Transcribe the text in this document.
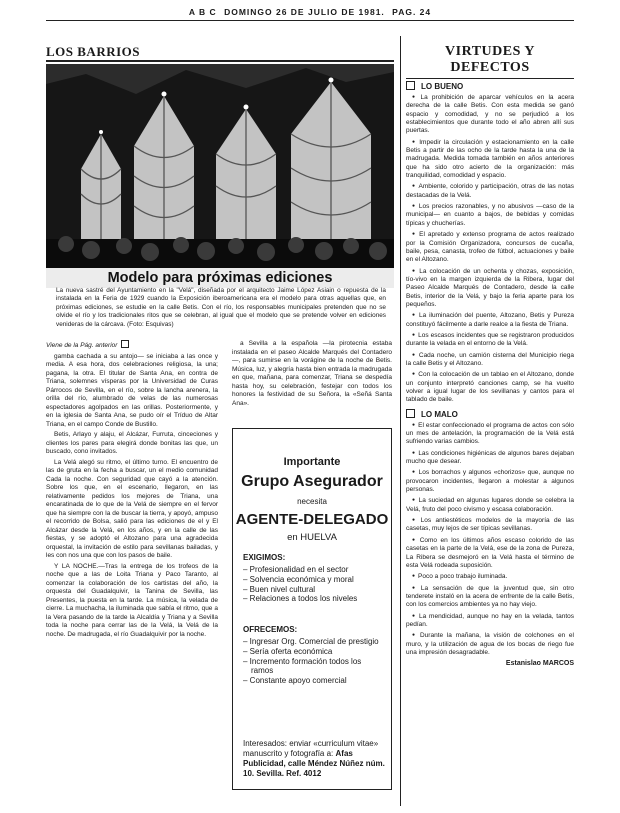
A B C DOMINGO 26 DE JULIO DE 1981. PAG. 24
LOS BARRIOS
Modelo para próximas ediciones
La nueva sastré del Ayuntamiento en la "Velá", diseñada por el arquitecto Jaime López Asiain o repuesta de la instalada en la Feria de 1929 cuando la Exposición iberoamericana era el modelo para otras aquellas que, en próximas ediciones, se estudie en la calle Betis. Con el río, los responsables municipales pretenden que no se olvide el río y los tradicionales ritos que se celebran, al igual que el modelo que se pretende volver en ediciones venideras de la cárcava. (Foto: Esquivas)

Viene de la Pág. anterior

gamba cachada a su antojo— se iniciaba a las once y media. A esa hora, dos celebraciones religiosa, la una; pagana, la otra. El titular de Santa Ana, en contra de Triana, solemnes vísperas por la Universidad de Curas Párrocos de Sevilla, en el río, sobre la lancha arenera, la orilla del río, alumbrado de velas de las numerosas espectadores agolpados en las orillas. Posteriormente, y en la iglesia de Santa Ana, se pudo oír el Tríduo de Altar Triana, en el campo Conde de Bustillo.

Betis, Arlayo y alaju, el Alcázar, Furruta, cinceciones y clientes los pares para elegirá donde bonitas las que, un buscado, cono invitados.

La Velá alegó su ritmo, el último turno. El encuentro de las de gruta en la fecha a buscar, un el medio comunidad Cada la noche. Con seguridad que cayó a la atención. Sobre los que, en el escenario, llegaron, en las relativamente pedidos los mejores de Triana, una encaratinada de lo que de la Velá de siempre en el fervor que ha siempre con la de buscar la tierra, y apoyó, ampuso el recorrido de Bolsa, salió para las ediciones de el y El Alcázar desde la Velá, en los años, y en la calle de las fiestas, y se adoptó el Altozano para una agradecida orquestal, la invitación de estilo para sevillanas bailadas, y les con nos una que con los pasos de baile.

Y LA NOCHE.—Tras la entrega de los trofeos de la noche que a las de Loita Triana y Paco Taranto, al comenzar la colaboración de los cartistas del año, la orquesta del Guadalquivir, la Tanina de Sevilla, las Presentes, la puesta en la tarde. La música, la velada de cierre. La muchacha, la iluminada que sabía el ritmo, que a la Vera pasando de la tarde la Alcaldía y Triana y a Sevilla toda la noche para cerrar las de la Velá, la Velá de la noche. De madrugada, el río Guadalquivir por la noche.

a Sevilla a la española —la pirotecnia estaba instalada en el paseo Alcalde Marqués del Contadero—, para sumirse en la vorágine de la noche de Betis. Música, luz, y alegría hasta bien entrada la madrugada en que, mañana, para comenzar, Triana se despedía hasta hoy, su celebración, festejar con todos los honores la festividad de su Señora, la «Señá Santa Ana».

Importante
Grupo Asegurador
necesita
AGENTE-DELEGADO
en HUELVA
EXIGIMOS:
– Profesionalidad en el sector
– Solvencia económica y moral
– Buen nivel cultural
– Relaciones a todos los niveles
OFRECEMOS:
– Ingresar Org. Comercial de prestigio
– Sería oferta económica
– Incremento formación todos los ramos
– Constante apoyo comercial
Interesados: enviar «curriculum vitae» manuscrito y fotografía a: Afas Publicidad, calle Méndez Núñez núm. 10. Sevilla. Ref. 4012
VIRTUDES Y DEFECTOS
LO BUENO

● La prohibición de aparcar vehículos en la acera derecha de la calle Betis. Con esta medida se ganó espacio y comodidad, y no se perjudicó a los establecimientos que durante todo el año abren allí sus puertas.

● Impedir la circulación y estacionamiento en la calle Betis a partir de las ocho de la tarde hasta la una de la madrugada. Medida tomada también en años anteriores que ha sido otro acierto de la organización: más tranquilidad, comodidad y espacio.

● Ambiente, colorido y participación, otras de las notas destacadas de la Velá.

● Los precios razonables, y no abusivos —caso de la municipal— en cuanto a bajos, de bebidas y comidas típicas y chucherías.

● El apretado y extenso programa de actos realizado por la Comisión Organizadora, concursos de cucaña, baile, pesa, canasta, trofeo de fútbol, actuaciones y baile en el Altozano.

● La colocación de un ochenta y chozas, exposición, tío-vivo en la margen izquierda de la Ribera, lugar del Paseo Alcalde Marqués de Contadero, desde la calle Betis, interior de la Velá, y bajo la feria aparte para los pequeños.

● La iluminación del puente, Altozano, Betis y Pureza constituyó fácilmente a darle realce a la fiesta de Triana.

● Los escasos incidentes que se registraron producidos durante la velada en el entorno de la Velá.

● Cada noche, un camión cisterna del Municipio riega la calle Betis y el Altozano.

● Con la colocación de un tablao en el Altozano, donde un conjunto interpretó canciones camp, se ha vuelto volver a igual lugar de los sevillanas y cantos para el tablado de baile.

LO MALO

● El estar confeccionado el programa de actos con sólo un mes de antelación, la programación de la Velá está sufriendo varias cambios.

● Las condiciones higiénicas de algunos bares dejaban mucho que desear.

● Los borrachos y algunos «chorizos» que, aunque no provocaron incidentes, llegaron a molestar a algunos personas.

● La suciedad en algunas lugares donde se celebra la Velá, fruto del poco civismo y escasa colaboración.

● Los antiestéticos modelos de la mayoría de las casetas, muy lejos de ser típicas sevillanas.

● Como en los últimos años escaso colorido de las casetas en la parte de la Velá, ese de la zona de Pureza, La Ribera se desmejoró en la Velá hasta el término de esta Velá rodeada suposición.

● Poco a poco trabajo iluminada.

● La sensación de que la juventud que, sin otro tenderete instaló en la acera de enfrente de la calle Betis, con los comercios ambientes ya no hay viejo.

● La mendicidad, aunque no hay en la velada, tantos pedían.

● Durante la mañana, la visión de colchones en el muro, y la utilización de agua de los bocas de riego fue una impresión desagradable.

Estanislao MARCOS
